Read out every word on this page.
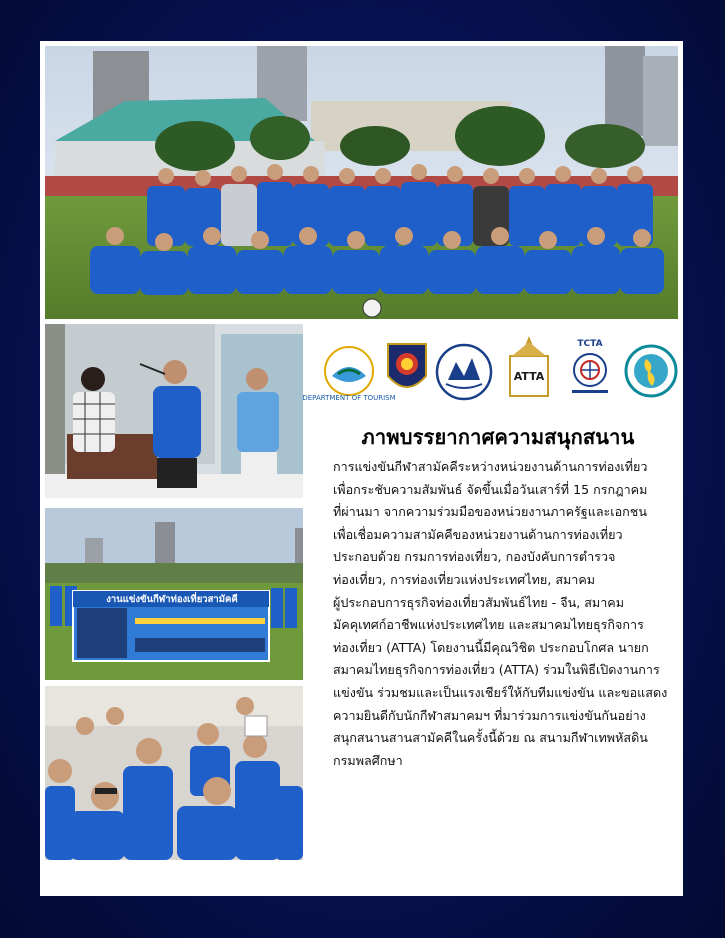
งานแข่งขันกีฬาท่องเที่ยวสามัคคี
DEPARTMENT OF TOURISM
ATTA
TCTA
ภาพบรรยากาศความสนุกสนาน
การแข่งขันกีฬาสามัคคีระหว่างหน่วยงานด้านการท่องเที่ยว
เพื่อกระชับความสัมพันธ์ จัดขึ้นเมื่อวันเสาร์ที่ 15 กรกฎาคม
ที่ผ่านมา จากความร่วมมือของหน่วยงานภาครัฐและเอกชน
เพื่อเชื่อมความสามัคคีของหน่วยงานด้านการท่องเที่ยว
ประกอบด้วย กรมการท่องเที่ยว, กองบังคับการตำรวจ
ท่องเที่ยว, การท่องเที่ยวแห่งประเทศไทย, สมาคม
ผู้ประกอบการธุรกิจท่องเที่ยวสัมพันธ์ไทย - จีน, สมาคม
มัคคุเทศก์อาชีพแห่งประเทศไทย และสมาคมไทยธุรกิจการ
ท่องเที่ยว (ATTA) โดยงานนี้มีคุณวิชิต ประกอบโกศล นายก
สมาคมไทยธุรกิจการท่องเที่ยว (ATTA) ร่วมในพิธีเปิดงานการ
แข่งขัน ร่วมชมและเป็นแรงเชียร์ให้กับทีมแข่งขัน และขอแสดง
ความยินดีกับนักกีฬาสมาคมฯ ที่มาร่วมการแข่งขันกันอย่าง
สนุกสนานสานสามัคคีในครั้งนี้ด้วย ณ สนามกีฬาเทพหัสดิน
กรมพลศึกษา
